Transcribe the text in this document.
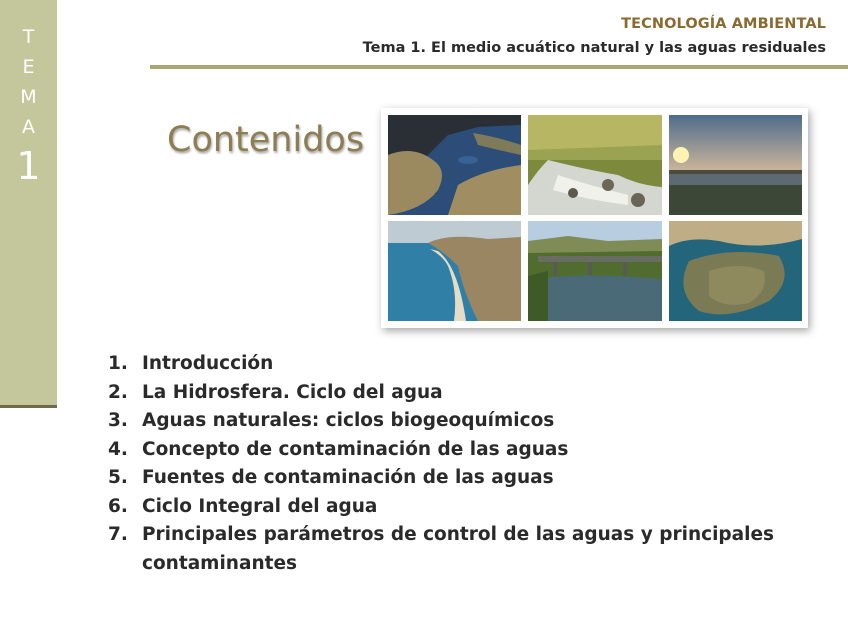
T
E
M
A
1
TECNOLOGÍA AMBIENTAL
Tema 1. El medio acuático natural y las aguas residuales
Contenidos
1. Introducción
2. La Hidrosfera. Ciclo del agua
3. Aguas naturales: ciclos biogeoquímicos
4. Concepto de contaminación de las aguas
5. Fuentes de contaminación de las aguas
6. Ciclo Integral del agua
7. Principales parámetros de control de las aguas y principales contaminantes
